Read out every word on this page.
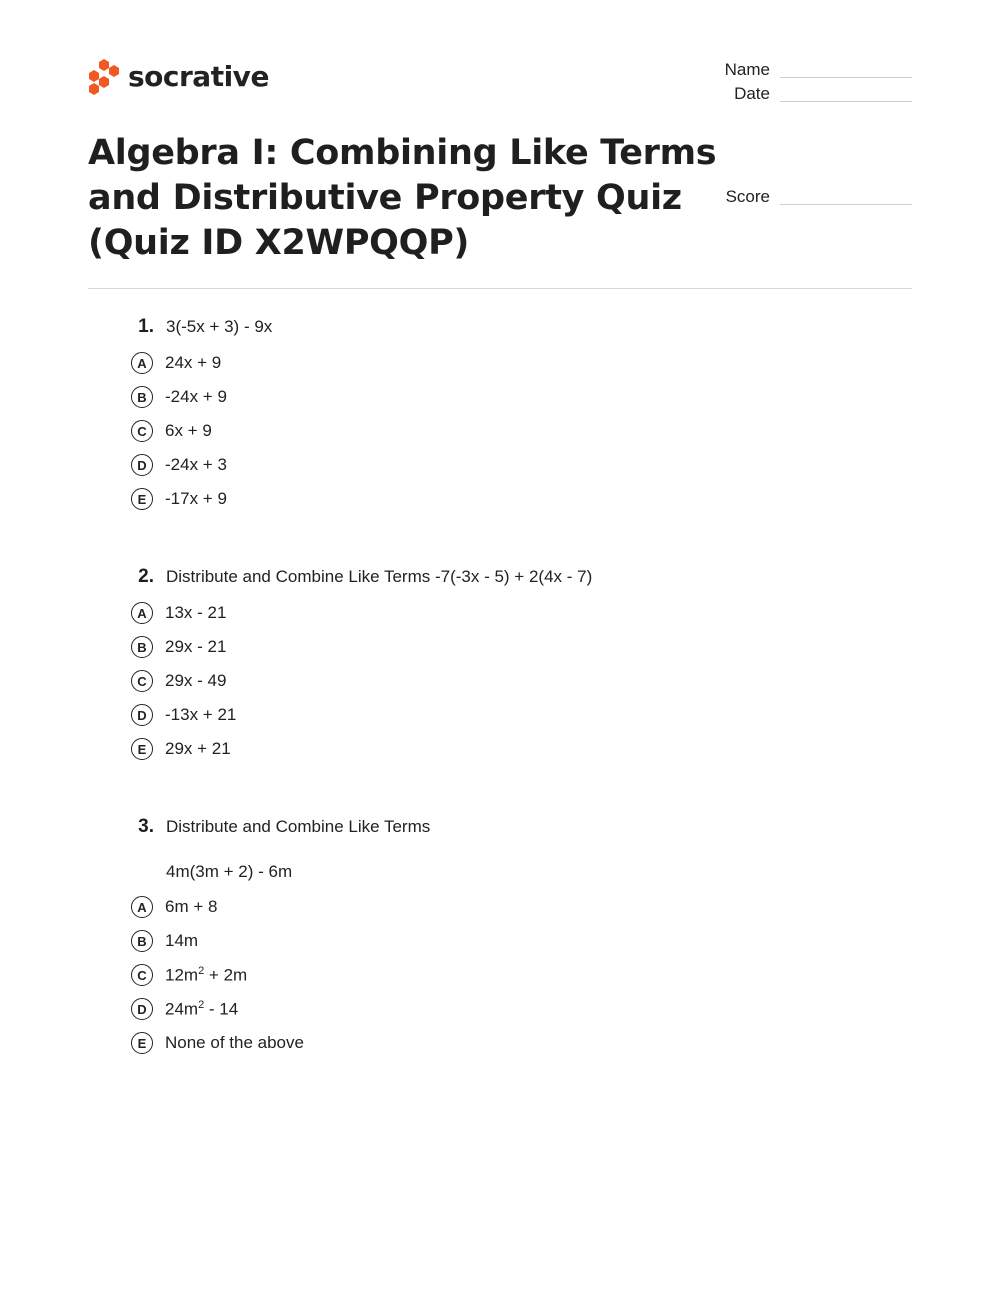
socrative	Name
Date
Score
Algebra I: Combining Like Terms and Distributive Property Quiz (Quiz ID X2WPQQP)
1. 3(-5x + 3) - 9x
A	24x + 9
B	-24x + 9
C	6x + 9
D	-24x + 3
E	-17x + 9
2. Distribute and Combine Like Terms -7(-3x - 5) + 2(4x - 7)
A	13x - 21
B	29x - 21
C	29x - 49
D	-13x + 21
E	29x + 21
3. Distribute and Combine Like Terms
4m(3m + 2) - 6m
A	6m + 8
B	14m
C	$12m^2 + 2m$
D	$24m^2 - 14$
E	None of the above
